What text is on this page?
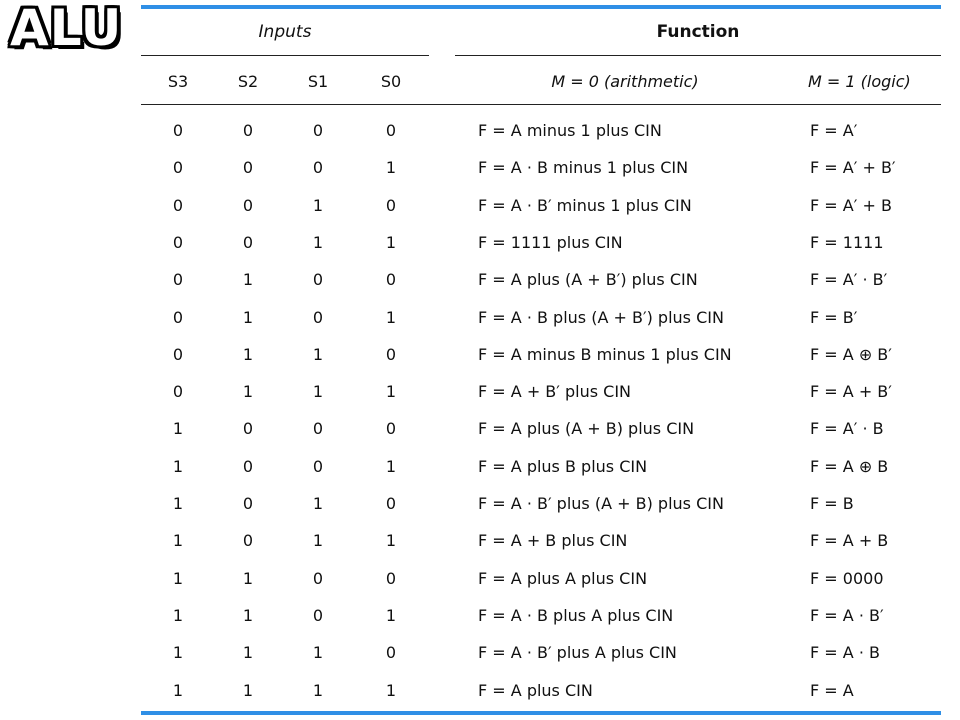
ALU	Inputs	Function
S3	S2	S1	S0	M = 0 (arithmetic)	M = 1 (logic)
0	0	0	0	F = A minus 1 plus CIN	F = A′
0	0	0	1	F = A · B minus 1 plus CIN	F = A′ + B′
0	0	1	0	F = A · B′ minus 1 plus CIN	F = A′ + B
0	0	1	1	F = 1111 plus CIN	F = 1111
0	1	0	0	F = A plus (A + B′) plus CIN	F = A′ · B′
0	1	0	1	F = A · B plus (A + B′) plus CIN	F = B′
0	1	1	0	F = A minus B minus 1 plus CIN	F = A ⊕ B′
0	1	1	1	F = A + B′ plus CIN	F = A + B′
1	0	0	0	F = A plus (A + B) plus CIN	F = A′ · B
1	0	0	1	F = A plus B plus CIN	F = A ⊕ B
1	0	1	0	F = A · B′ plus (A + B) plus CIN	F = B
1	0	1	1	F = A + B plus CIN	F = A + B
1	1	0	0	F = A plus A plus CIN	F = 0000
1	1	0	1	F = A · B plus A plus CIN	F = A · B′
1	1	1	0	F = A · B′ plus A plus CIN	F = A · B
1	1	1	1	F = A plus CIN	F = A
